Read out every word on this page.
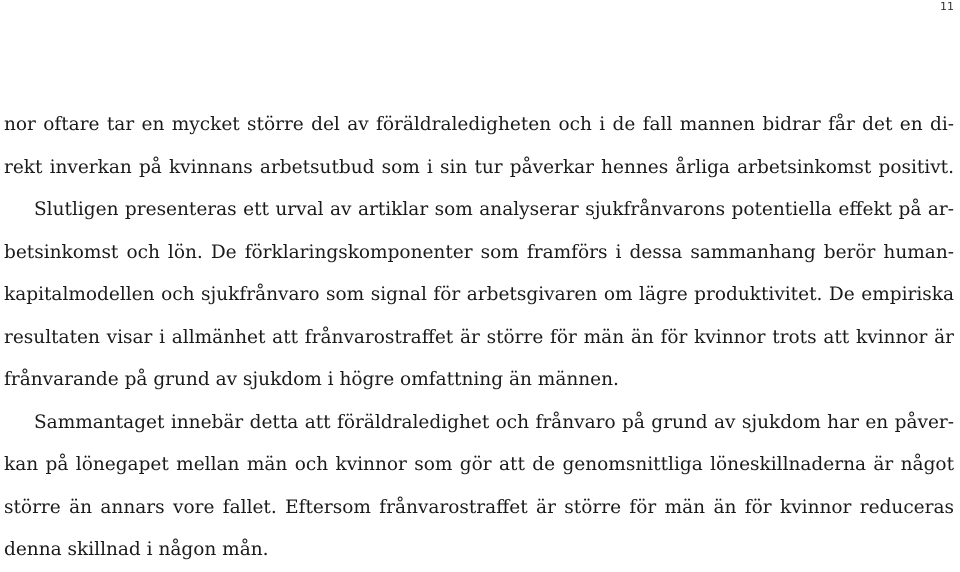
11
nor oftare tar en mycket större del av föräldraledigheten och i de fall mannen bidrar får det en di-
rekt inverkan på kvinnans arbetsutbud som i sin tur påverkar hennes årliga arbetsinkomst positivt.
Slutligen presenteras ett urval av artiklar som analyserar sjukfrånvarons potentiella effekt på ar-
betsinkomst och lön. De förklaringskomponenter som framförs i dessa sammanhang berör human-
kapitalmodellen och sjukfrånvaro som signal för arbetsgivaren om lägre produktivitet. De empiriska
resultaten visar i allmänhet att frånvarostraffet är större för män än för kvinnor trots att kvinnor är
frånvarande på grund av sjukdom i högre omfattning än männen.
Sammantaget innebär detta att föräldraledighet och frånvaro på grund av sjukdom har en påver-
kan på lönegapet mellan män och kvinnor som gör att de genomsnittliga löneskillnaderna är något
större än annars vore fallet. Eftersom frånvarostraffet är större för män än för kvinnor reduceras
denna skillnad i någon mån.
